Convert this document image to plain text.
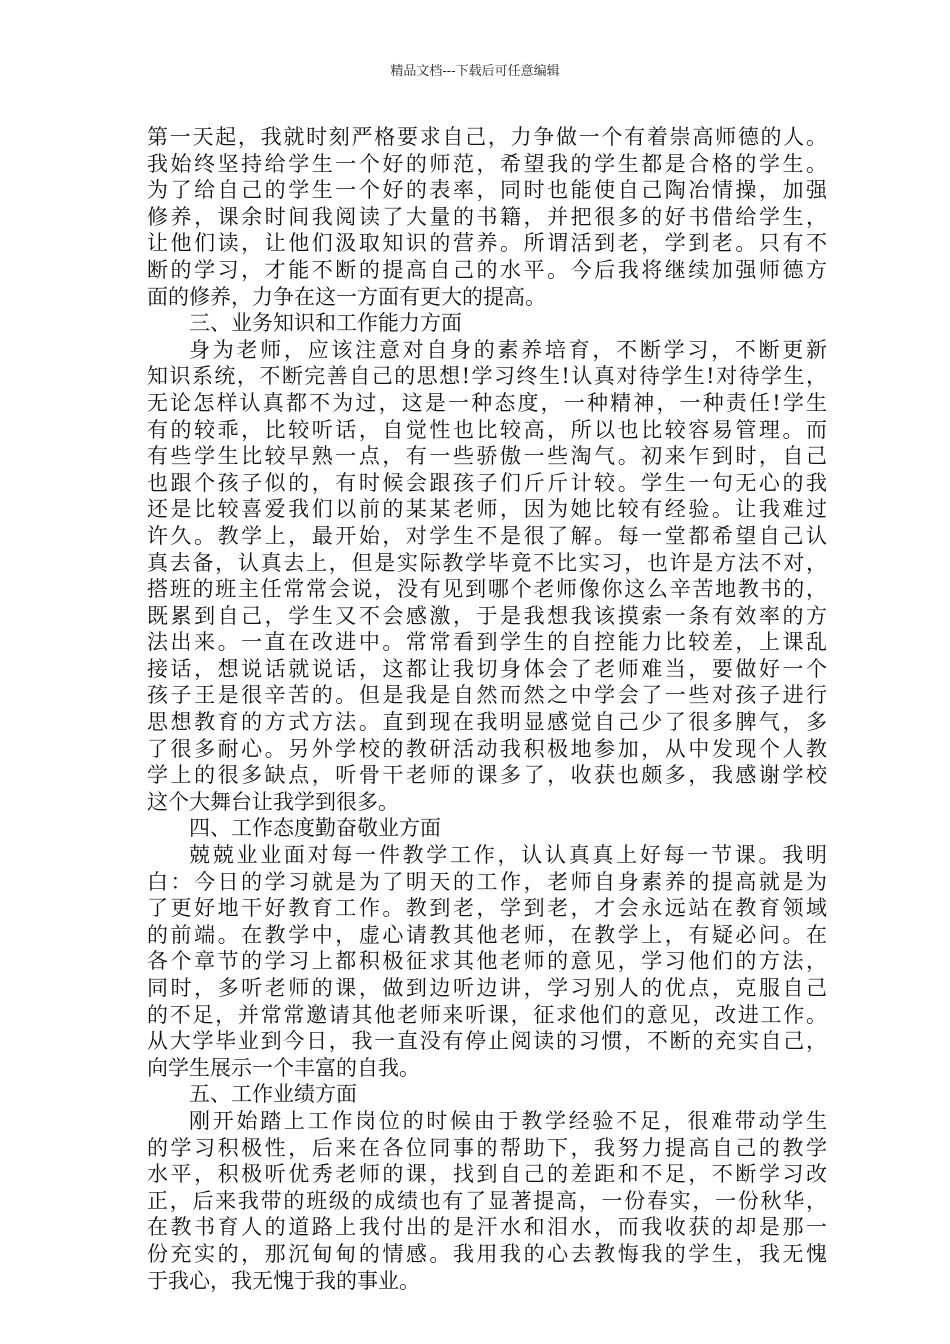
精品文档---下载后可任意编辑
第一天起，我就时刻严格要求自己，力争做一个有着崇高师德的人。
我始终坚持给学生一个好的师范，希望我的学生都是合格的学生。
为了给自己的学生一个好的表率，同时也能使自己陶冶情操，加强
修养，课余时间我阅读了大量的书籍，并把很多的好书借给学生，
让他们读，让他们汲取知识的营养。所谓活到老，学到老。只有不
断的学习，才能不断的提高自己的水平。今后我将继续加强师德方
面的修养，力争在这一方面有更大的提高。
三、业务知识和工作能力方面
身为老师，应该注意对自身的素养培育，不断学习，不断更新
知识系统，不断完善自己的思想!学习终生!认真对待学生!对待学生，
无论怎样认真都不为过，这是一种态度，一种精神，一种责任!学生
有的较乖，比较听话，自觉性也比较高，所以也比较容易管理。而
有些学生比较早熟一点，有一些骄傲一些淘气。初来乍到时，自己
也跟个孩子似的，有时候会跟孩子们斤斤计较。学生一句无心的我
还是比较喜爱我们以前的某某老师，因为她比较有经验。让我难过
许久。教学上，最开始，对学生不是很了解。每一堂都希望自己认
真去备，认真去上，但是实际教学毕竟不比实习，也许是方法不对，
搭班的班主任常常会说，没有见到哪个老师像你这么辛苦地教书的，
既累到自己，学生又不会感激，于是我想我该摸索一条有效率的方
法出来。一直在改进中。常常看到学生的自控能力比较差，上课乱
接话，想说话就说话，这都让我切身体会了老师难当，要做好一个
孩子王是很辛苦的。但是我是自然而然之中学会了一些对孩子进行
思想教育的方式方法。直到现在我明显感觉自己少了很多脾气，多
了很多耐心。另外学校的教研活动我积极地参加，从中发现个人教
学上的很多缺点，听骨干老师的课多了，收获也颇多，我感谢学校
这个大舞台让我学到很多。
四、工作态度勤奋敬业方面
兢兢业业面对每一件教学工作，认认真真上好每一节课。我明
白：今日的学习就是为了明天的工作，老师自身素养的提高就是为
了更好地干好教育工作。教到老，学到老，才会永远站在教育领域
的前端。在教学中，虚心请教其他老师，在教学上，有疑必问。在
各个章节的学习上都积极征求其他老师的意见，学习他们的方法，
同时，多听老师的课，做到边听边讲，学习别人的优点，克服自己
的不足，并常常邀请其他老师来听课，征求他们的意见，改进工作。
从大学毕业到今日，我一直没有停止阅读的习惯，不断的充实自己，
向学生展示一个丰富的自我。
五、工作业绩方面
刚开始踏上工作岗位的时候由于教学经验不足，很难带动学生
的学习积极性，后来在各位同事的帮助下，我努力提高自己的教学
水平，积极听优秀老师的课，找到自己的差距和不足，不断学习改
正，后来我带的班级的成绩也有了显著提高，一份春实，一份秋华，
在教书育人的道路上我付出的是汗水和泪水，而我收获的却是那一
份充实的，那沉甸甸的情感。我用我的心去教悔我的学生，我无愧
于我心，我无愧于我的事业。
